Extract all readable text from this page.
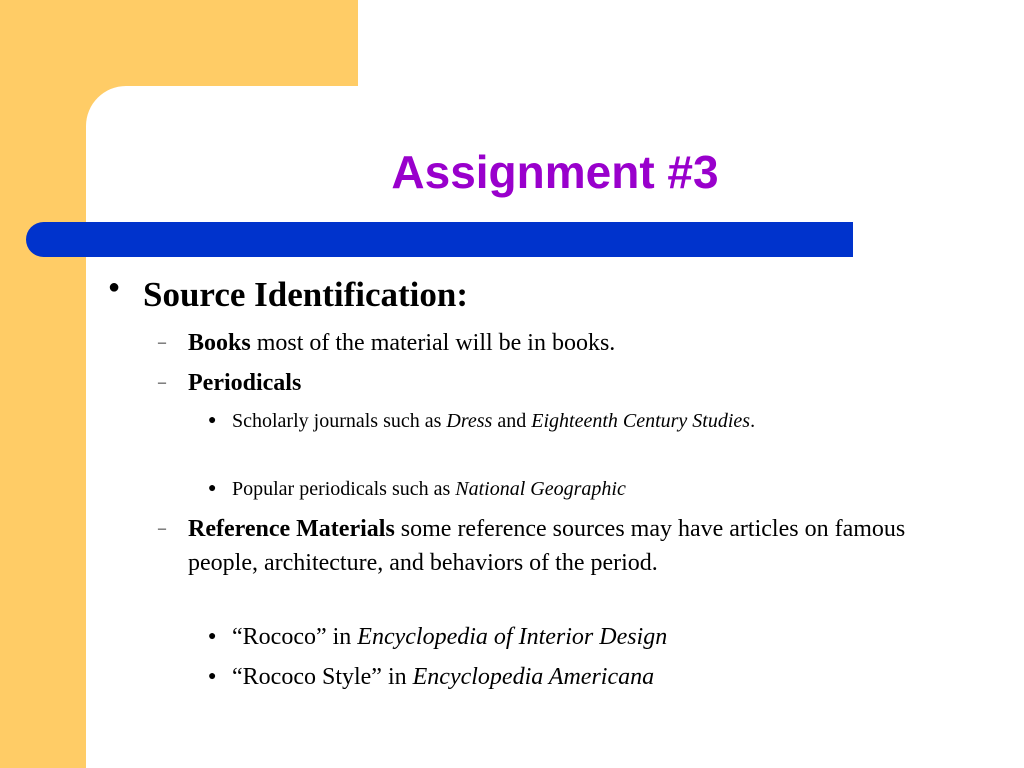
Assignment #3
● Source Identification:
– Books most of the material will be in books.
– Periodicals
● Scholarly journals such as Dress and Eighteenth Century Studies.
● Popular periodicals such as National Geographic
– Reference Materials some reference sources may have articles on famous people, architecture, and behaviors of the period.
● “Rococo” in Encyclopedia of Interior Design
● “Rococo Style” in Encyclopedia Americana
